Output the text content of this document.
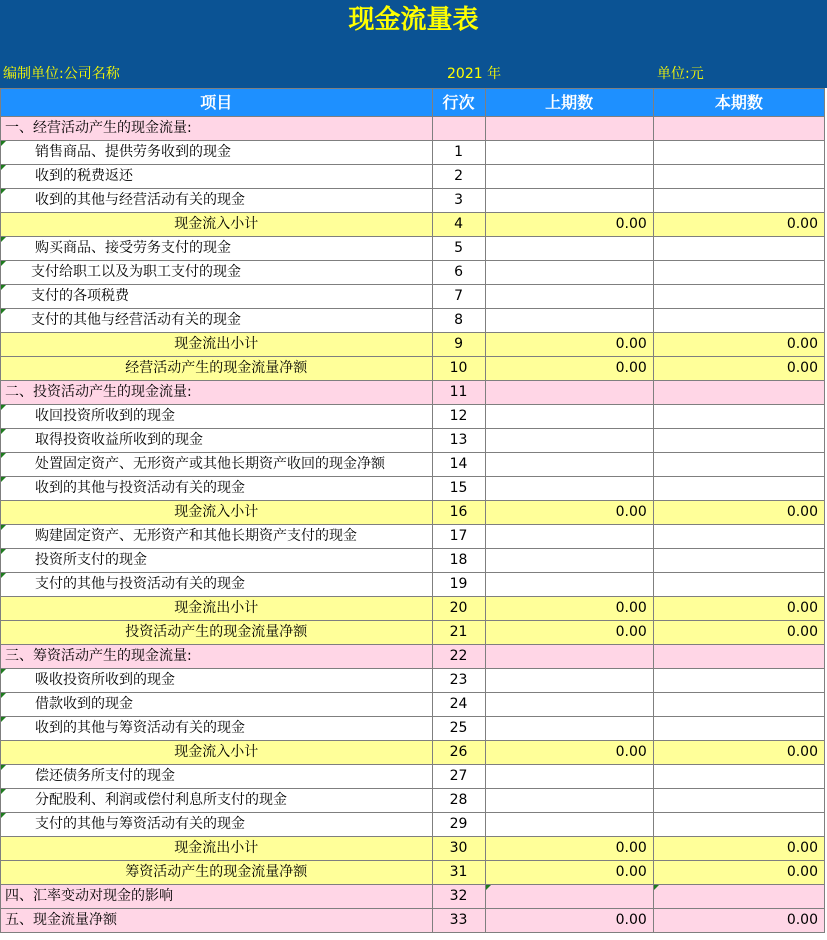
现金流量表
编制单位:公司名称	2021 年	单位:元
项目	行次	上期数	本期数
一、经营活动产生的现金流量:			
销售商品、提供劳务收到的现金	1		
收到的税费返还	2		
收到的其他与经营活动有关的现金	3		
现金流入小计	4	0.00	0.00
购买商品、接受劳务支付的现金	5		
支付给职工以及为职工支付的现金	6		
支付的各项税费	7		
支付的其他与经营活动有关的现金	8		
现金流出小计	9	0.00	0.00
经营活动产生的现金流量净额	10	0.00	0.00
二、投资活动产生的现金流量:	11		
收回投资所收到的现金	12		
取得投资收益所收到的现金	13		
处置固定资产、无形资产或其他长期资产收回的现金净额	14		
收到的其他与投资活动有关的现金	15		
现金流入小计	16	0.00	0.00
购建固定资产、无形资产和其他长期资产支付的现金	17		
投资所支付的现金	18		
支付的其他与投资活动有关的现金	19		
现金流出小计	20	0.00	0.00
投资活动产生的现金流量净额	21	0.00	0.00
三、筹资活动产生的现金流量:	22		
吸收投资所收到的现金	23		
借款收到的现金	24		
收到的其他与筹资活动有关的现金	25		
现金流入小计	26	0.00	0.00
偿还债务所支付的现金	27		
分配股利、利润或偿付利息所支付的现金	28		
支付的其他与筹资活动有关的现金	29		
现金流出小计	30	0.00	0.00
筹资活动产生的现金流量净额	31	0.00	0.00
四、汇率变动对现金的影响	32		
五、现金流量净额	33	0.00	0.00
